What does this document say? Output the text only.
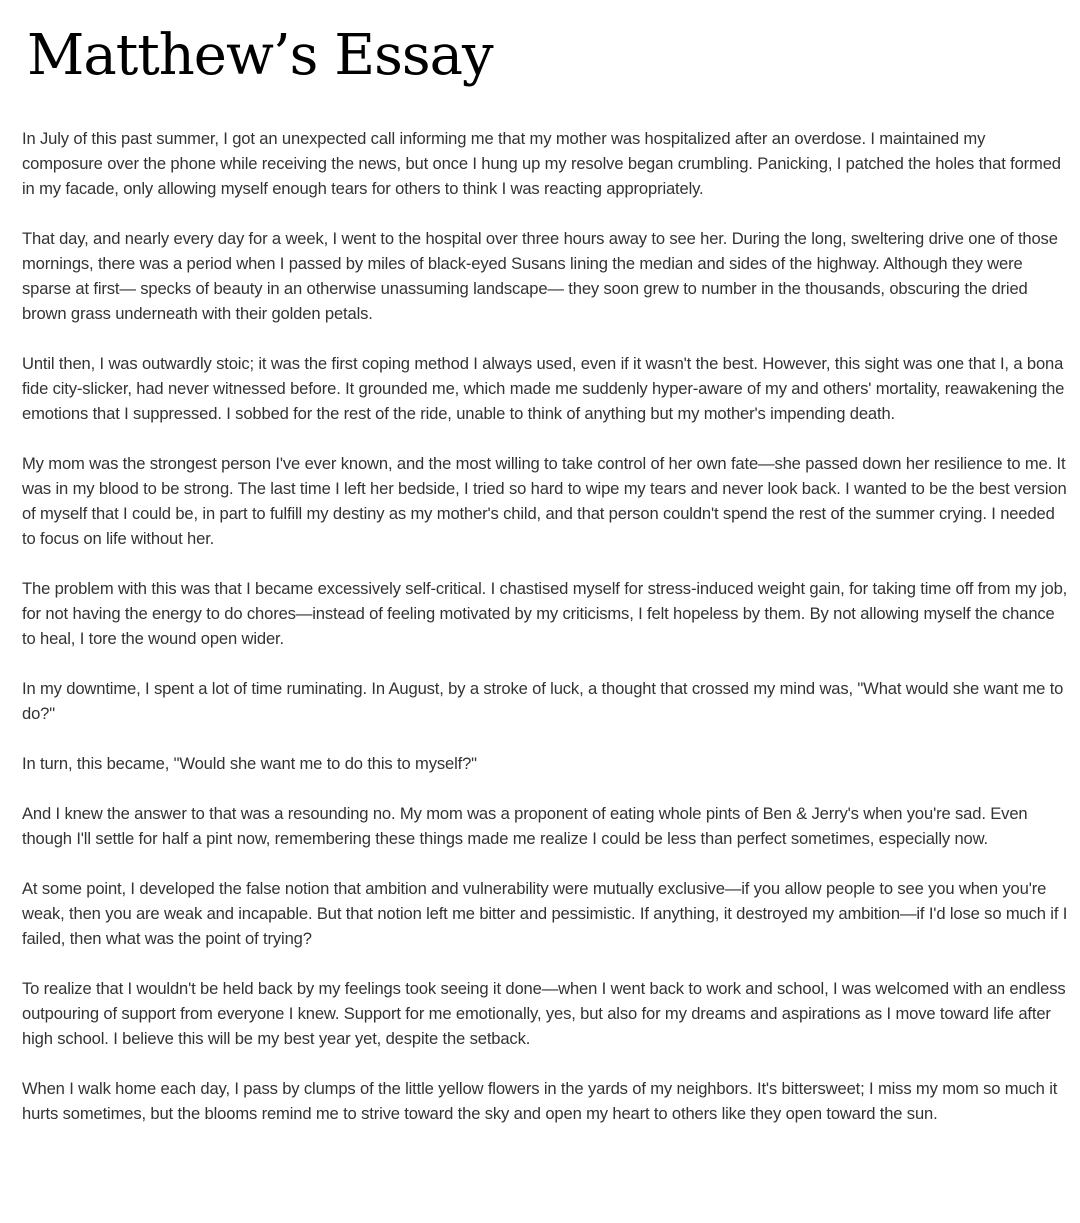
Matthew’s Essay

In July of this past summer, I got an unexpected call informing me that my mother was hospitalized after an overdose. I maintained my composure over the phone while receiving the news, but once I hung up my resolve began crumbling. Panicking, I patched the holes that formed in my facade, only allowing myself enough tears for others to think I was reacting appropriately.

That day, and nearly every day for a week, I went to the hospital over three hours away to see her. During the long, sweltering drive one of those mornings, there was a period when I passed by miles of black-eyed Susans lining the median and sides of the highway. Although they were sparse at first— specks of beauty in an otherwise unassuming landscape— they soon grew to number in the thousands, obscuring the dried brown grass underneath with their golden petals.

Until then, I was outwardly stoic; it was the first coping method I always used, even if it wasn't the best. However, this sight was one that I, a bona fide city-slicker, had never witnessed before. It grounded me, which made me suddenly hyper-aware of my and others' mortality, reawakening the emotions that I suppressed. I sobbed for the rest of the ride, unable to think of anything but my mother's impending death.

My mom was the strongest person I've ever known, and the most willing to take control of her own fate—she passed down her resilience to me. It was in my blood to be strong. The last time I left her bedside, I tried so hard to wipe my tears and never look back. I wanted to be the best version of myself that I could be, in part to fulfill my destiny as my mother's child, and that person couldn't spend the rest of the summer crying. I needed to focus on life without her.

The problem with this was that I became excessively self-critical. I chastised myself for stress-induced weight gain, for taking time off from my job, for not having the energy to do chores—instead of feeling motivated by my criticisms, I felt hopeless by them. By not allowing myself the chance to heal, I tore the wound open wider.

In my downtime, I spent a lot of time ruminating. In August, by a stroke of luck, a thought that crossed my mind was, "What would she want me to do?"

In turn, this became, "Would she want me to do this to myself?"

And I knew the answer to that was a resounding no. My mom was a proponent of eating whole pints of Ben & Jerry's when you're sad. Even though I'll settle for half a pint now, remembering these things made me realize I could be less than perfect sometimes, especially now.

At some point, I developed the false notion that ambition and vulnerability were mutually exclusive—if you allow people to see you when you're weak, then you are weak and incapable. But that notion left me bitter and pessimistic. If anything, it destroyed my ambition—if I'd lose so much if I failed, then what was the point of trying?

To realize that I wouldn't be held back by my feelings took seeing it done—when I went back to work and school, I was welcomed with an endless outpouring of support from everyone I knew. Support for me emotionally, yes, but also for my dreams and aspirations as I move toward life after high school. I believe this will be my best year yet, despite the setback.

When I walk home each day, I pass by clumps of the little yellow flowers in the yards of my neighbors. It's bittersweet; I miss my mom so much it hurts sometimes, but the blooms remind me to strive toward the sky and open my heart to others like they open toward the sun.
